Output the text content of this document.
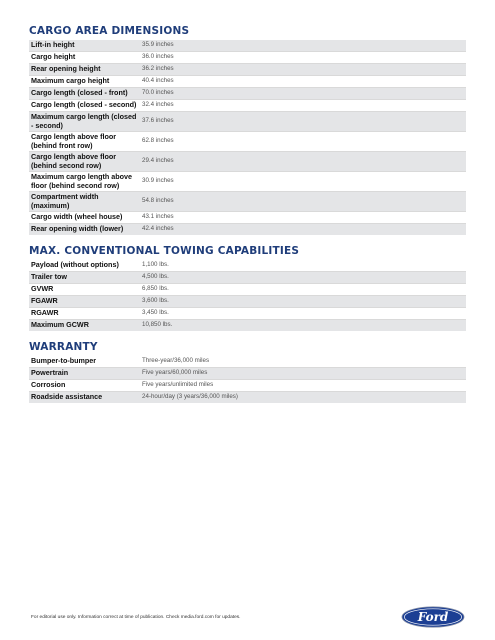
CARGO AREA DIMENSIONS
Lift-in height	35.9 inches
Cargo height	36.0 inches
Rear opening height	36.2 inches
Maximum cargo height	40.4 inches
Cargo length (closed - front)	70.0 inches
Cargo length (closed - second)	32.4 inches
Maximum cargo length (closed - second)	37.6 inches
Cargo length above floor (behind front row)	62.8 inches
Cargo length above floor (behind second row)	29.4 inches
Maximum cargo length above floor (behind second row)	30.9 inches
Compartment width (maximum)	54.8 inches
Cargo width (wheel house)	43.1 inches
Rear opening width (lower)	42.4 inches
MAX. CONVENTIONAL TOWING CAPABILITIES
Payload (without options)	1,100 lbs.
Trailer tow	4,500 lbs.
GVWR	6,850 lbs.
FGAWR	3,600 lbs.
RGAWR	3,450 lbs.
Maximum GCWR	10,850 lbs.
WARRANTY
Bumper-to-bumper	Three-year/36,000 miles
Powertrain	Five years/60,000 miles
Corrosion	Five years/unlimited miles
Roadside assistance	24-hour/day (3 years/36,000 miles)
For editorial use only. Information correct at time of publication. Check media.ford.com for updates.	Ford
